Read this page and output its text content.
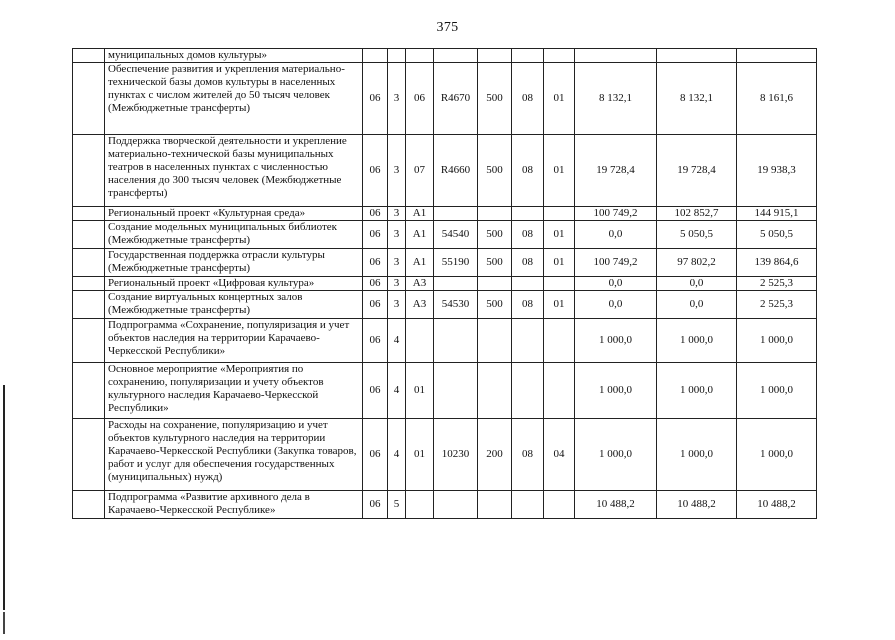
375
	муниципальных домов культуры»										
	Обеспечение развития и укрепления материально-технической базы домов культуры в населенных пунктах с числом жителей до 50 тысяч человек (Межбюджетные трансферты)	06	3	06	R4670	500	08	01	8 132,1	8 132,1	8 161,6
	Поддержка творческой деятельности и укрепление материально-технической базы муниципальных театров в населенных пунктах с численностью населения до 300 тысяч человек (Межбюджетные трансферты)	06	3	07	R4660	500	08	01	19 728,4	19 728,4	19 938,3
	Региональный проект «Культурная среда»	06	3	A1					100 749,2	102 852,7	144 915,1
	Создание модельных муниципальных библиотек (Межбюджетные трансферты)	06	3	A1	54540	500	08	01	0,0	5 050,5	5 050,5
	Государственная поддержка отрасли культуры (Межбюджетные трансферты)	06	3	A1	55190	500	08	01	100 749,2	97 802,2	139 864,6
	Региональный проект «Цифровая культура»	06	3	A3					0,0	0,0	2 525,3
	Создание виртуальных концертных залов (Межбюджетные трансферты)	06	3	A3	54530	500	08	01	0,0	0,0	2 525,3
	Подпрограмма «Сохранение, популяризация и учет объектов наследия на территории Карачаево-Черкесской Республики»	06	4						1 000,0	1 000,0	1 000,0
	Основное мероприятие «Мероприятия по сохранению, популяризации и учету объектов культурного наследия Карачаево-Черкесской Республики»	06	4	01					1 000,0	1 000,0	1 000,0
	Расходы на сохранение, популяризацию и учет объектов культурного наследия на территории Карачаево-Черкесской Республики (Закупка товаров, работ и услуг для обеспечения государственных (муниципальных) нужд)	06	4	01	10230	200	08	04	1 000,0	1 000,0	1 000,0
	Подпрограмма «Развитие архивного дела в Карачаево-Черкесской Республике»	06	5						10 488,2	10 488,2	10 488,2
